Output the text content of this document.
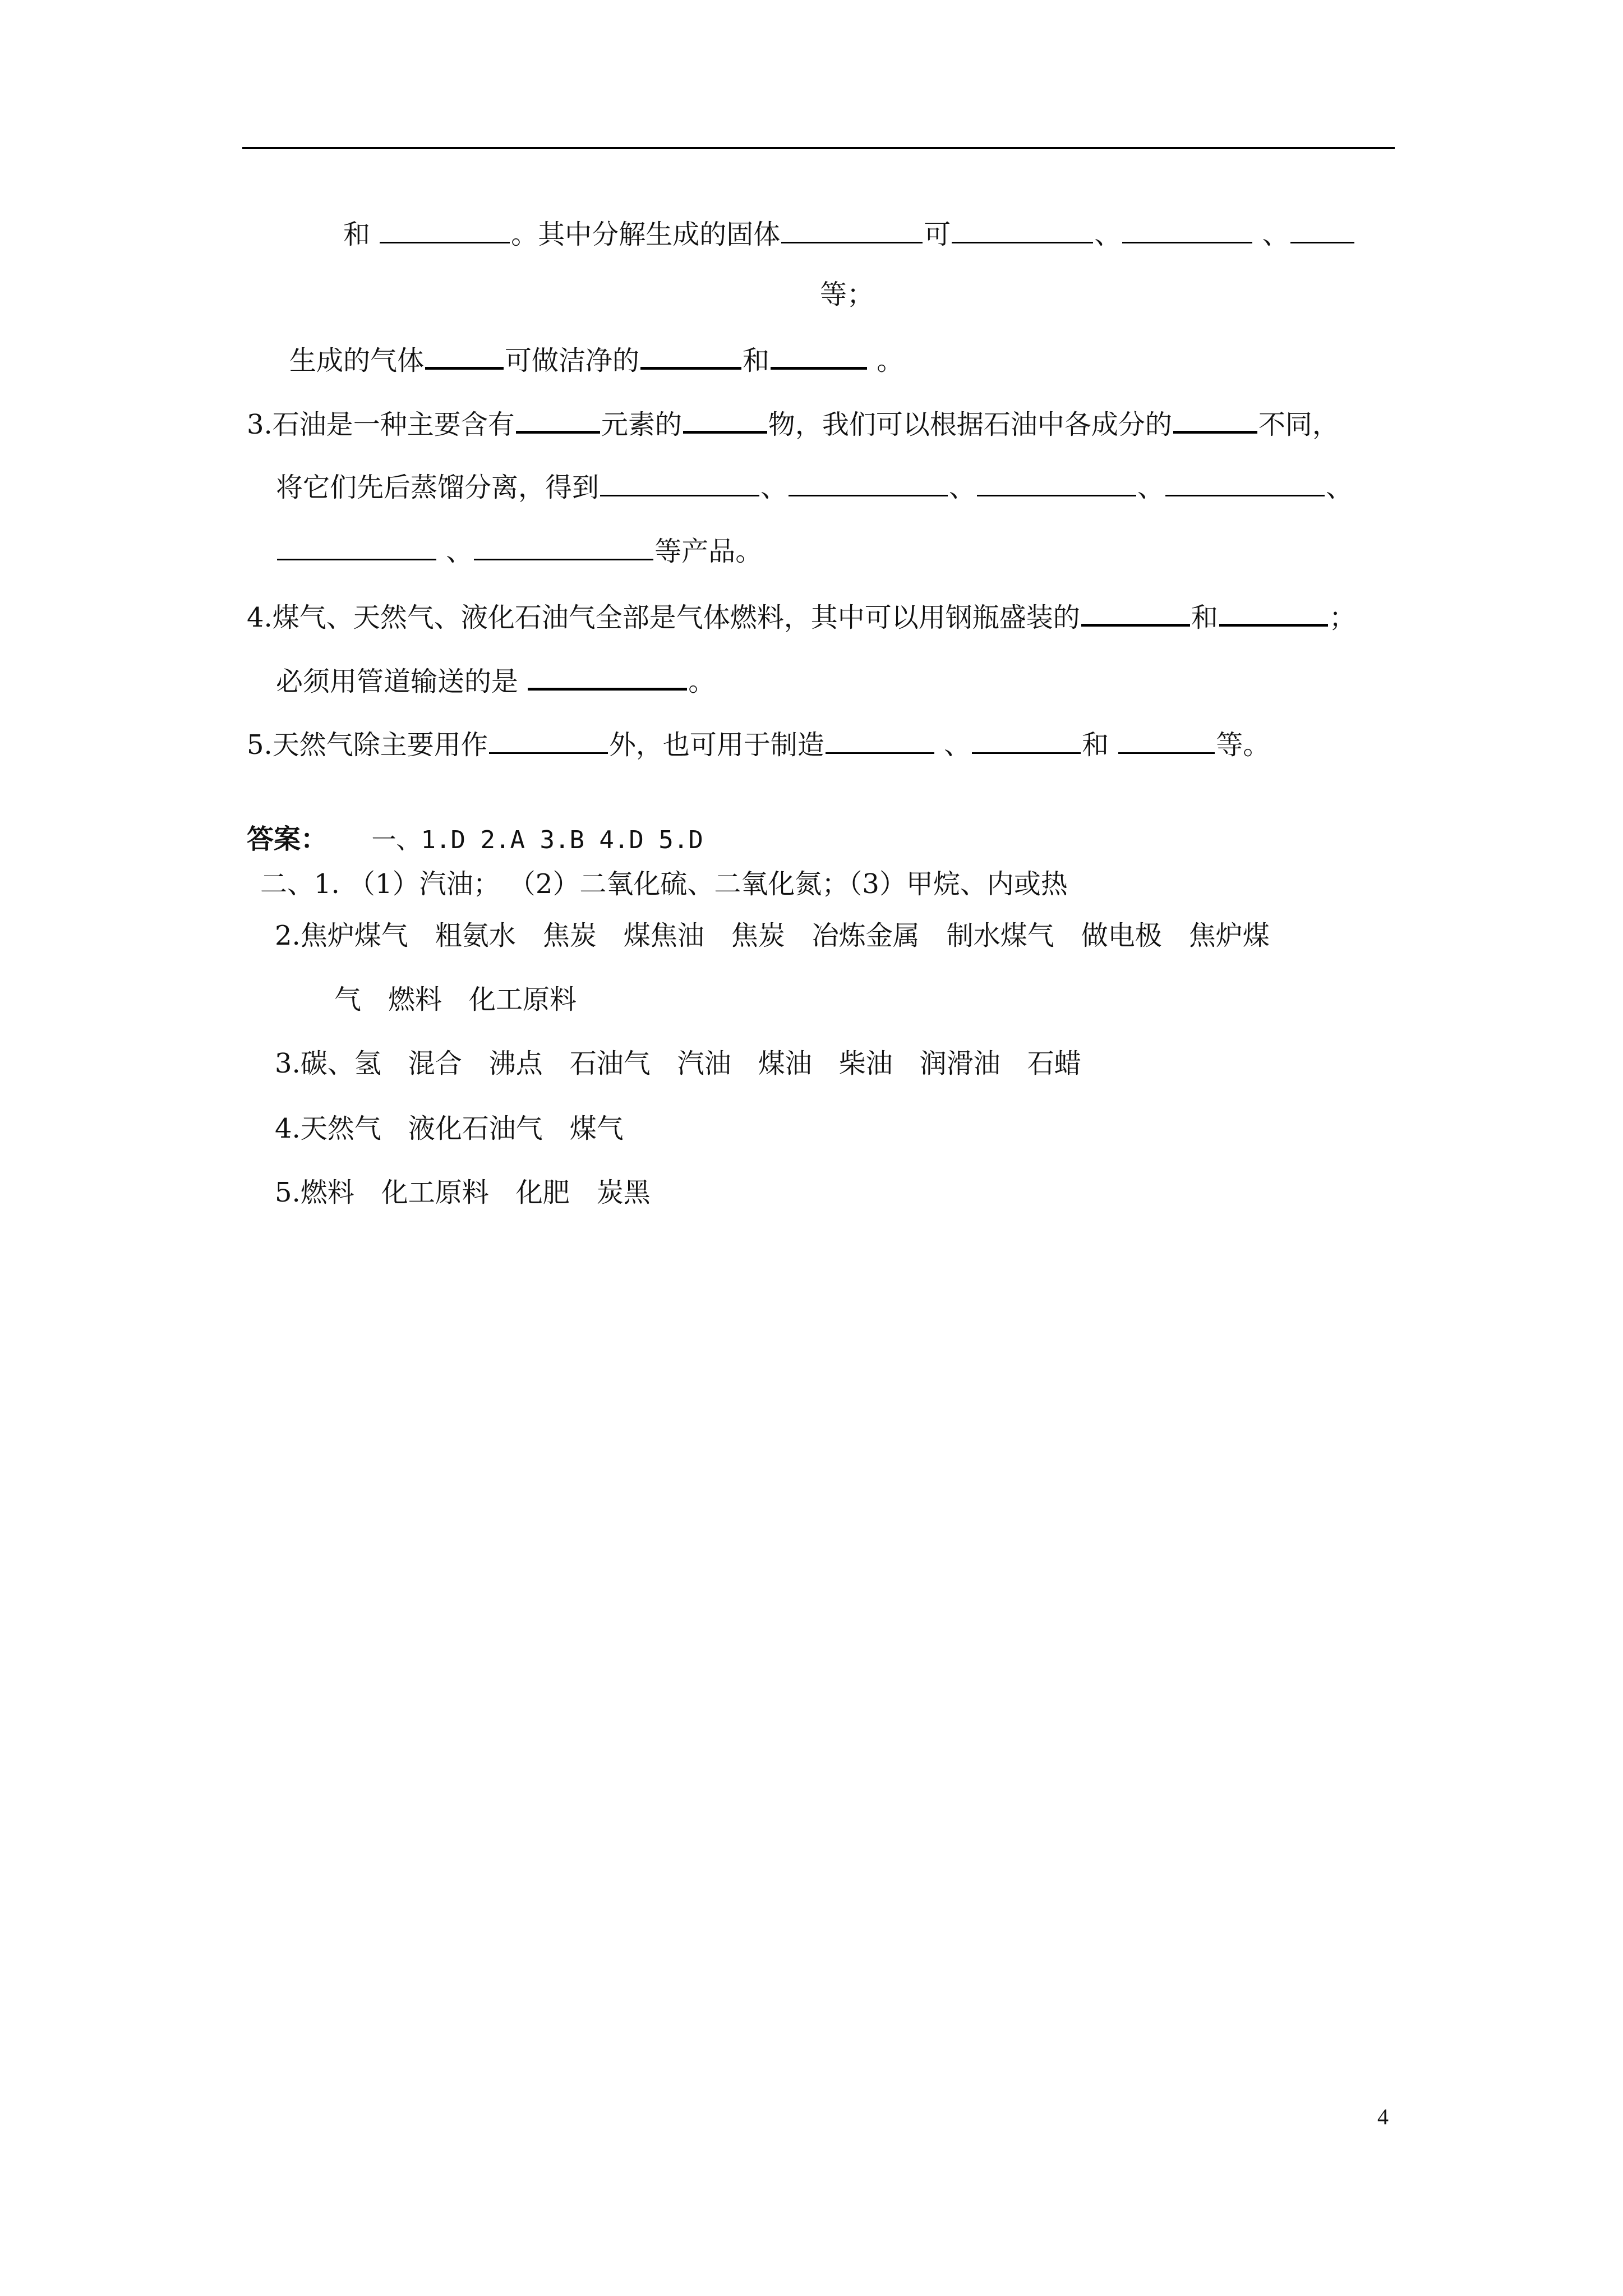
和	。其中分解生成的固体	可	、	、
等；
生成的气体	可做洁净的	和	。
3.石油是一种主要含有	元素的	物，我们可以根据石油中各成分的	不同，
将它们先后蒸馏分离，得到	、	、	、	、
、	等产品。
4.煤气、天然气、液化石油气全部是气体燃料，其中可以用钢瓶盛装的	和	；
必须用管道输送的是	。
5.天然气除主要用作	外，也可用于制造	、	和	等。
答案： 一、1.D 2.A 3.B 4.D 5.D
二、1. （1）汽油； （2）二氧化硫、二氧化氮；（3）甲烷、内或热
2.焦炉煤气　粗氨水　焦炭　煤焦油　焦炭　冶炼金属　制水煤气　做电极　焦炉煤
气　燃料　化工原料
3.碳、氢　混合　沸点　石油气　汽油　煤油　柴油　润滑油　石蜡
4.天然气　液化石油气　煤气
5.燃料　化工原料　化肥　炭黑
4
